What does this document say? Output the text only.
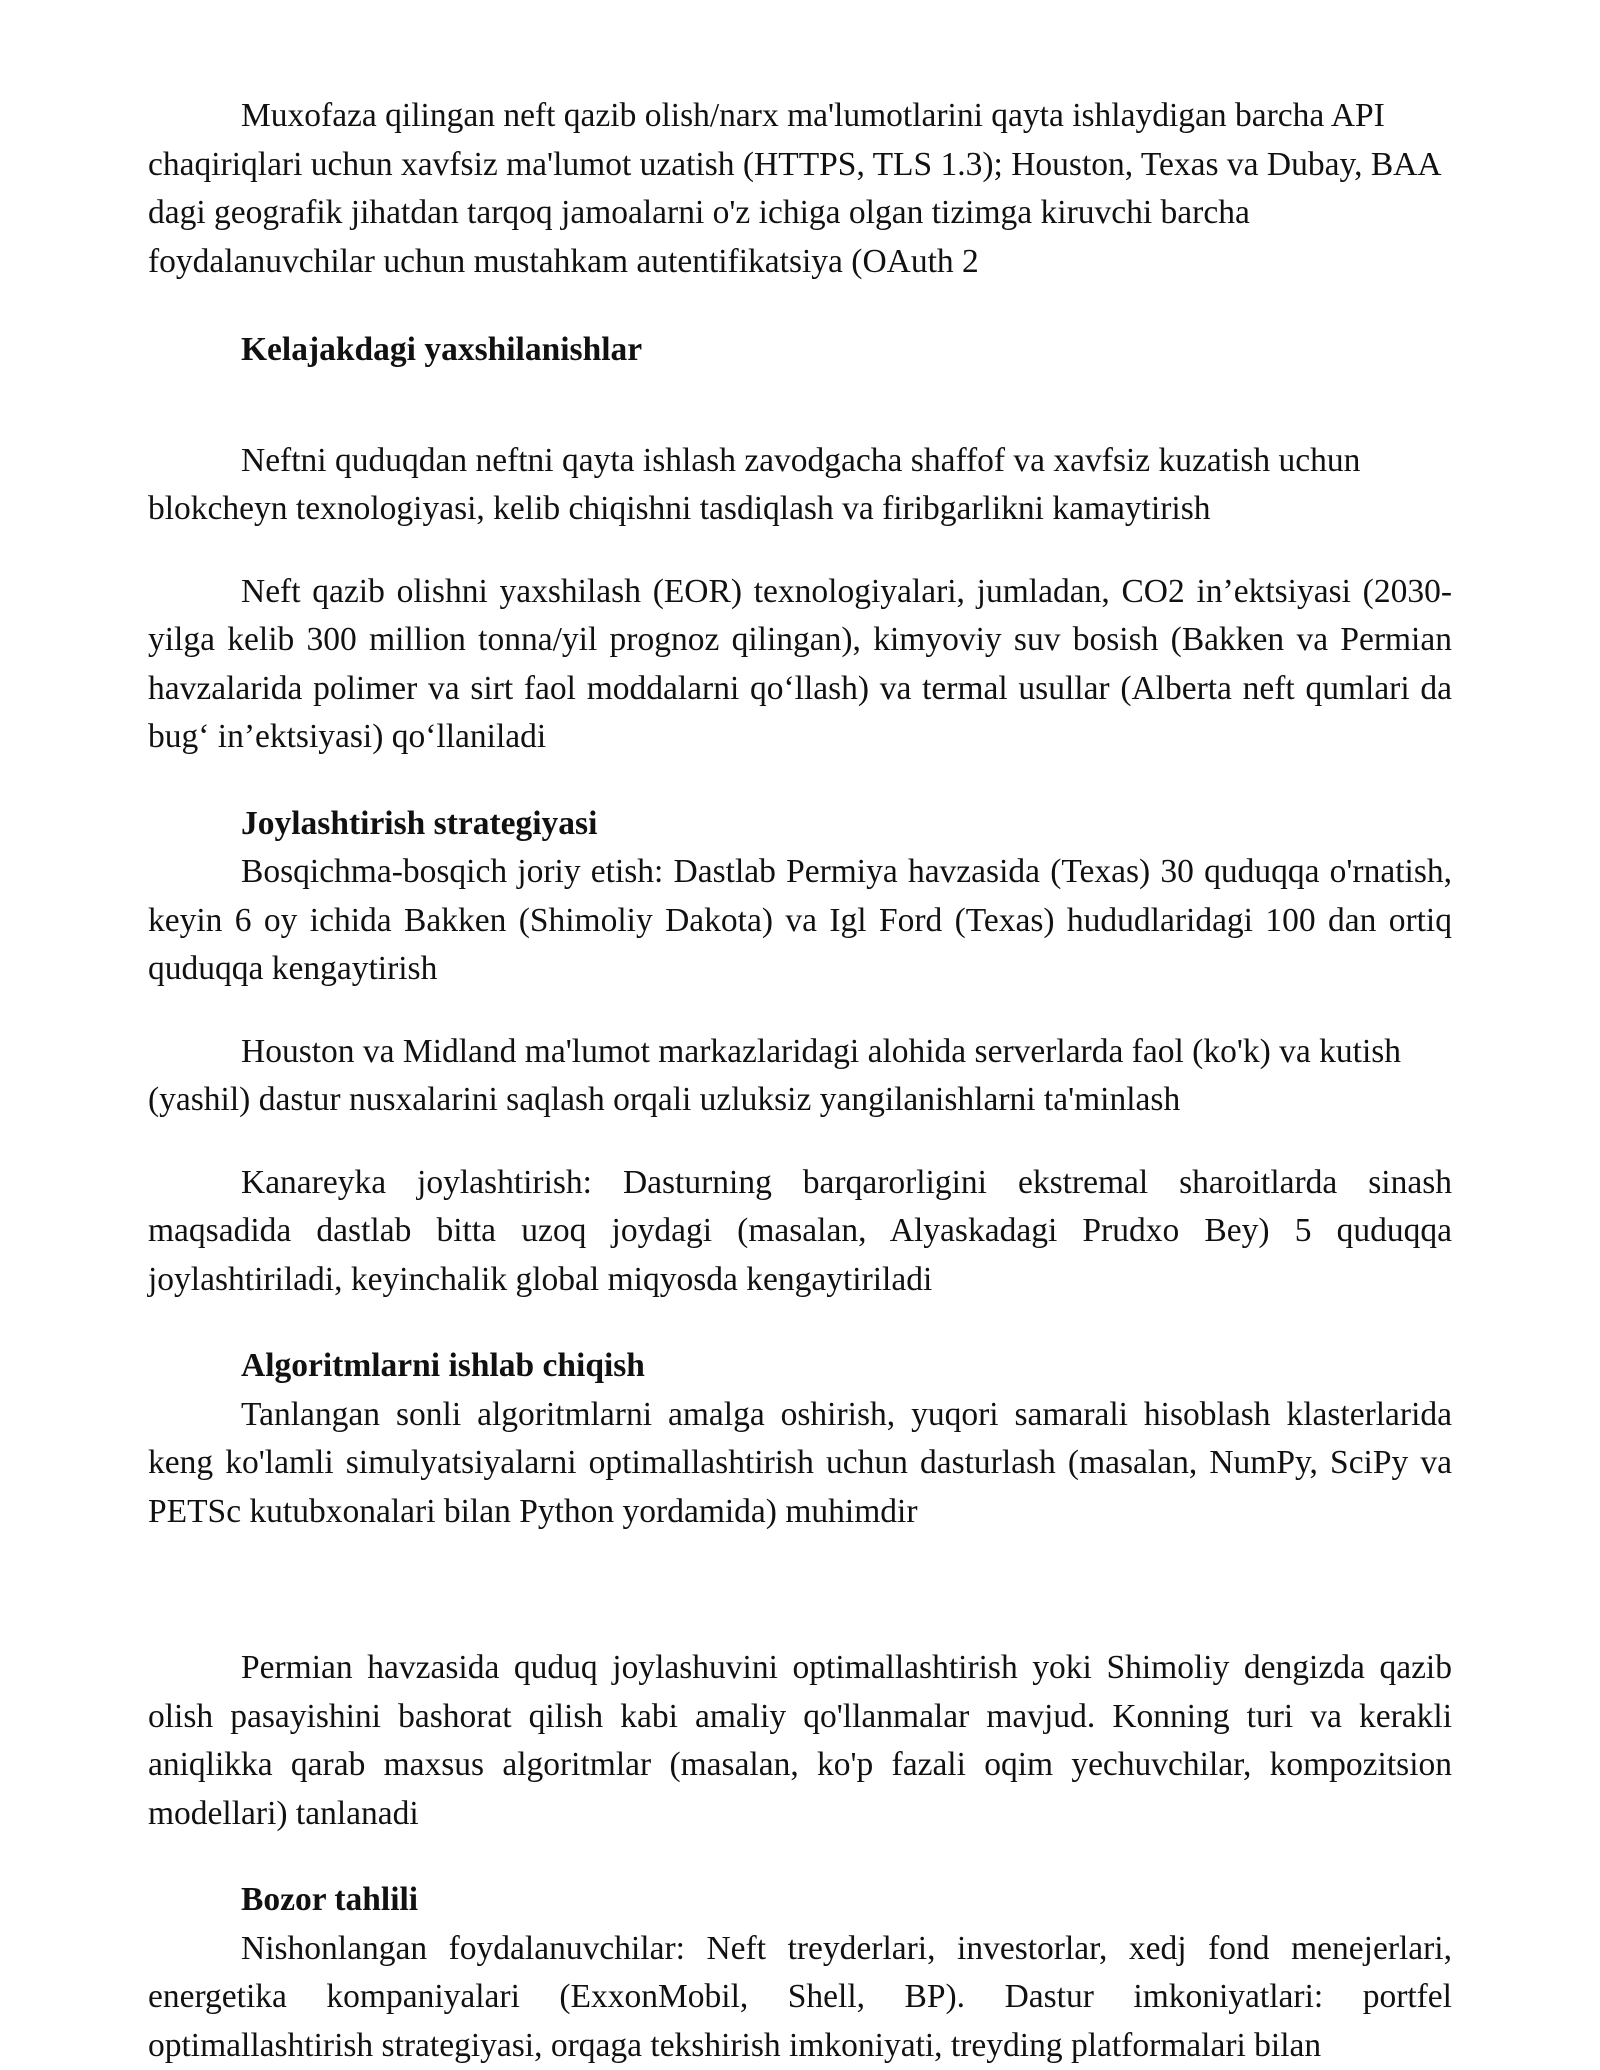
Muxofaza qilingan neft qazib olish/narx ma'lumotlarini qayta ishlaydigan barcha API chaqiriqlari uchun xavfsiz ma'lumot uzatish (HTTPS, TLS 1.3); Houston, Texas va Dubay, BAA dagi geografik jihatdan tarqoq jamoalarni o'z ichiga olgan tizimga kiruvchi barcha foydalanuvchilar uchun mustahkam autentifikatsiya (OAuth 2

Kelajakdagi yaxshilanishlar

Neftni quduqdan neftni qayta ishlash zavodgacha shaffof va xavfsiz kuzatish uchun blokcheyn texnologiyasi, kelib chiqishni tasdiqlash va firibgarlikni kamaytirish

Neft qazib olishni yaxshilash (EOR) texnologiyalari, jumladan, CO2 in’ektsiyasi (2030-yilga kelib 300 million tonna/yil prognoz qilingan), kimyoviy suv bosish (Bakken va Permian havzalarida polimer va sirt faol moddalarni qo‘llash) va termal usullar (Alberta neft qumlari da bug‘ in’ektsiyasi) qo‘llaniladi

Joylashtirish strategiyasi

Bosqichma-bosqich joriy etish: Dastlab Permiya havzasida (Texas) 30 quduqqa o'rnatish, keyin 6 oy ichida Bakken (Shimoliy Dakota) va Igl Ford (Texas) hududlaridagi 100 dan ortiq quduqqa kengaytirish

Houston va Midland ma'lumot markazlaridagi alohida serverlarda faol (ko'k) va kutish (yashil) dastur nusxalarini saqlash orqali uzluksiz yangilanishlarni ta'minlash

Kanareyka joylashtirish: Dasturning barqarorligini ekstremal sharoitlarda sinash maqsadida dastlab bitta uzoq joydagi (masalan, Alyaskadagi Prudxo Bey) 5 quduqqa joylashtiriladi, keyinchalik global miqyosda kengaytiriladi

Algoritmlarni ishlab chiqish

Tanlangan sonli algoritmlarni amalga oshirish, yuqori samarali hisoblash klasterlarida keng ko'lamli simulyatsiyalarni optimallashtirish uchun dasturlash (masalan, NumPy, SciPy va PETSc kutubxonalari bilan Python yordamida) muhimdir

Permian havzasida quduq joylashuvini optimallashtirish yoki Shimoliy dengizda qazib olish pasayishini bashorat qilish kabi amaliy qo'llanmalar mavjud. Konning turi va kerakli aniqlikka qarab maxsus algoritmlar (masalan, ko'p fazali oqim yechuvchilar, kompozitsion modellari) tanlanadi

Bozor tahlili

Nishonlangan foydalanuvchilar: Neft treyderlari, investorlar, xedj fond menejerlari, energetika kompaniyalari (ExxonMobil, Shell, BP). Dastur imkoniyatlari: portfel optimallashtirish strategiyasi, orqaga tekshirish imkoniyati, treyding platformalari bilan
